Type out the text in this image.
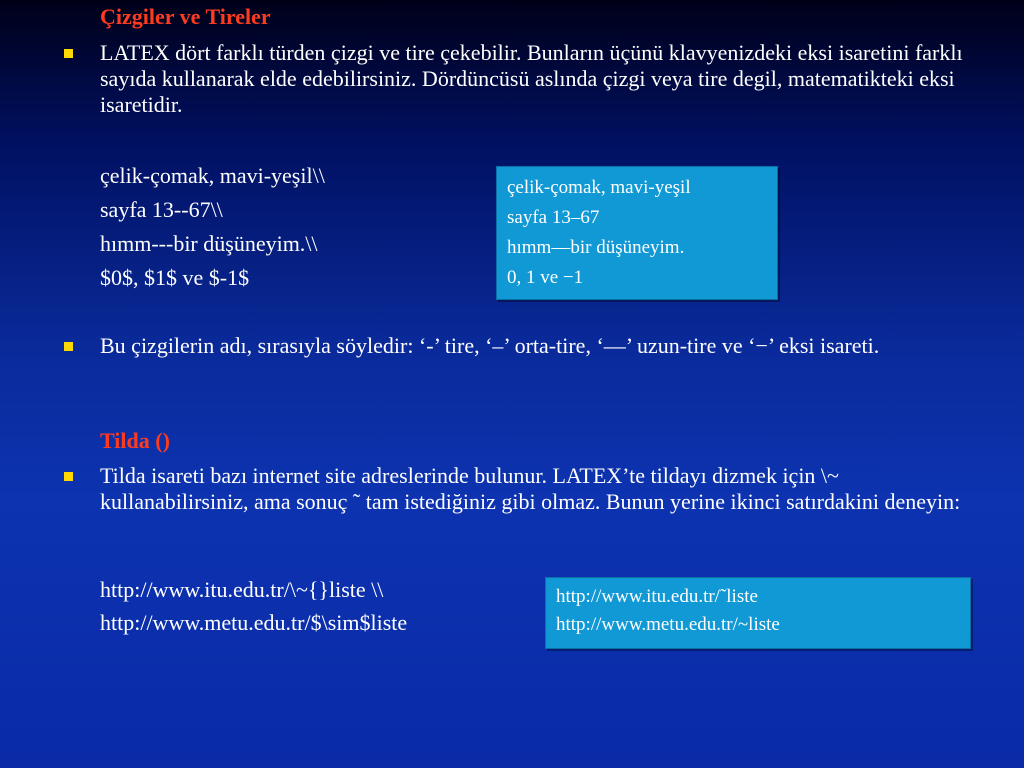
Çizgiler ve Tireler
LATEX dört farklı türden çizgi ve tire çekebilir. Bunların üçünü klavyenizdeki eksi isaretini farklı sayıda kullanarak elde edebilirsiniz. Dördüncüsü aslında çizgi veya tire degil, matematikteki eksi isaretidir.
çelik-çomak, mavi-yeşil\\
sayfa 13--67\\
hımm---bir düşüneyim.\\
$0$, $1$ ve $-1$
çelik-çomak, mavi-yeşil
sayfa 13–67
hımm—bir düşüneyim.
0, 1 ve −1
Bu çizgilerin adı, sırasıyla söyledir: ‘-’ tire, ‘–’ orta-tire, ‘—’ uzun-tire ve ‘−’ eksi isareti.
Tilda ()
Tilda isareti bazı internet site adreslerinde bulunur. LATEX’te tildayı dizmek için \~ kullanabilirsiniz, ama sonuç ˜ tam istediğiniz gibi olmaz. Bunun yerine ikinci satırdakini deneyin:
http://www.itu.edu.tr/\~{}liste \\
http://www.metu.edu.tr/$\sim$liste
http://www.itu.edu.tr/˜liste
http://www.metu.edu.tr/~liste
